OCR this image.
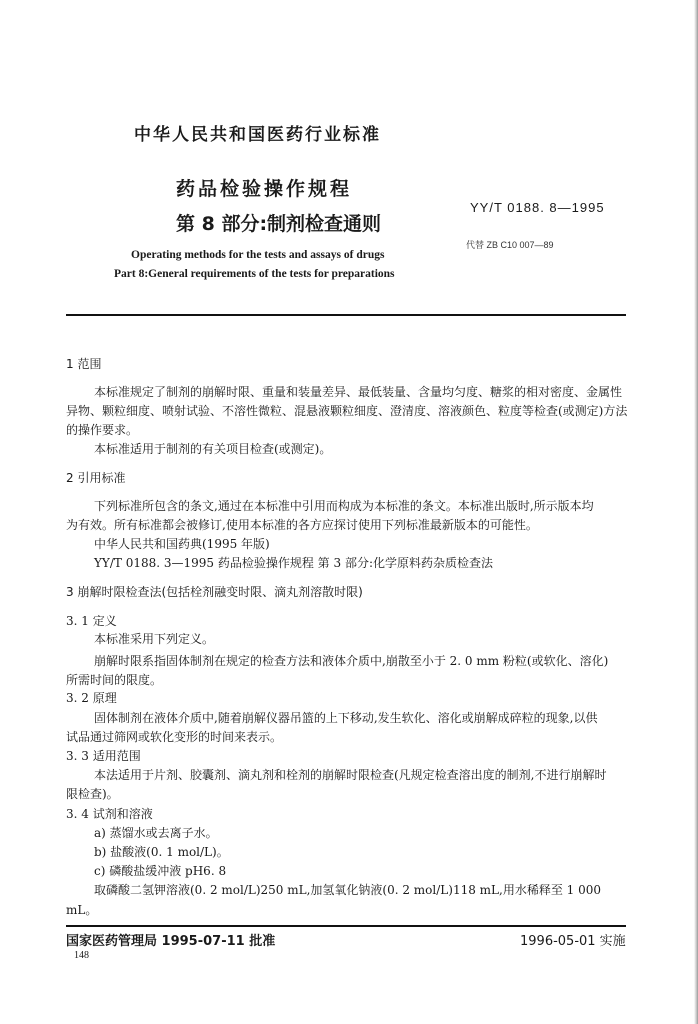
中华人民共和国医药行业标准
药品检验操作规程
第 8 部分:制剂检查通则
YY/T 0188. 8—1995
代替 ZB C10 007—89
Operating methods for the tests and assays of drugs
Part 8:General requirements of the tests for preparations
1 范围
本标准规定了制剂的崩解时限、重量和装量差异、最低装量、含量均匀度、糖浆的相对密度、金属性
异物、颗粒细度、喷射试验、不溶性微粒、混悬液颗粒细度、澄清度、溶液颜色、粒度等检查(或测定)方法
的操作要求。
本标准适用于制剂的有关项目检查(或测定)。
2 引用标准
下列标准所包含的条文,通过在本标准中引用而构成为本标准的条文。本标准出版时,所示版本均
为有效。所有标准都会被修订,使用本标准的各方应探讨使用下列标准最新版本的可能性。
中华人民共和国药典(1995 年版)
YY/T 0188. 3—1995 药品检验操作规程 第 3 部分:化学原料药杂质检查法
3 崩解时限检查法(包括栓剂融变时限、滴丸剂溶散时限)
3. 1 定义
本标准采用下列定义。
崩解时限系指固体制剂在规定的检查方法和液体介质中,崩散至小于 2. 0 mm 粉粒(或软化、溶化)
所需时间的限度。
3. 2 原理
固体制剂在液体介质中,随着崩解仪器吊篮的上下移动,发生软化、溶化或崩解成碎粒的现象,以供
试品通过筛网或软化变形的时间来表示。
3. 3 适用范围
本法适用于片剂、胶囊剂、滴丸剂和栓剂的崩解时限检查(凡规定检查溶出度的制剂,不进行崩解时
限检查)。
3. 4 试剂和溶液
a) 蒸馏水或去离子水。
b) 盐酸液(0. 1 mol/L)。
c) 磷酸盐缓冲液 pH6. 8
取磷酸二氢钾溶液(0. 2 mol/L)250 mL,加氢氧化钠液(0. 2 mol/L)118 mL,用水稀释至 1 000
mL。
国家医药管理局 1995-07-11 批准	1996-05-01 实施
148
